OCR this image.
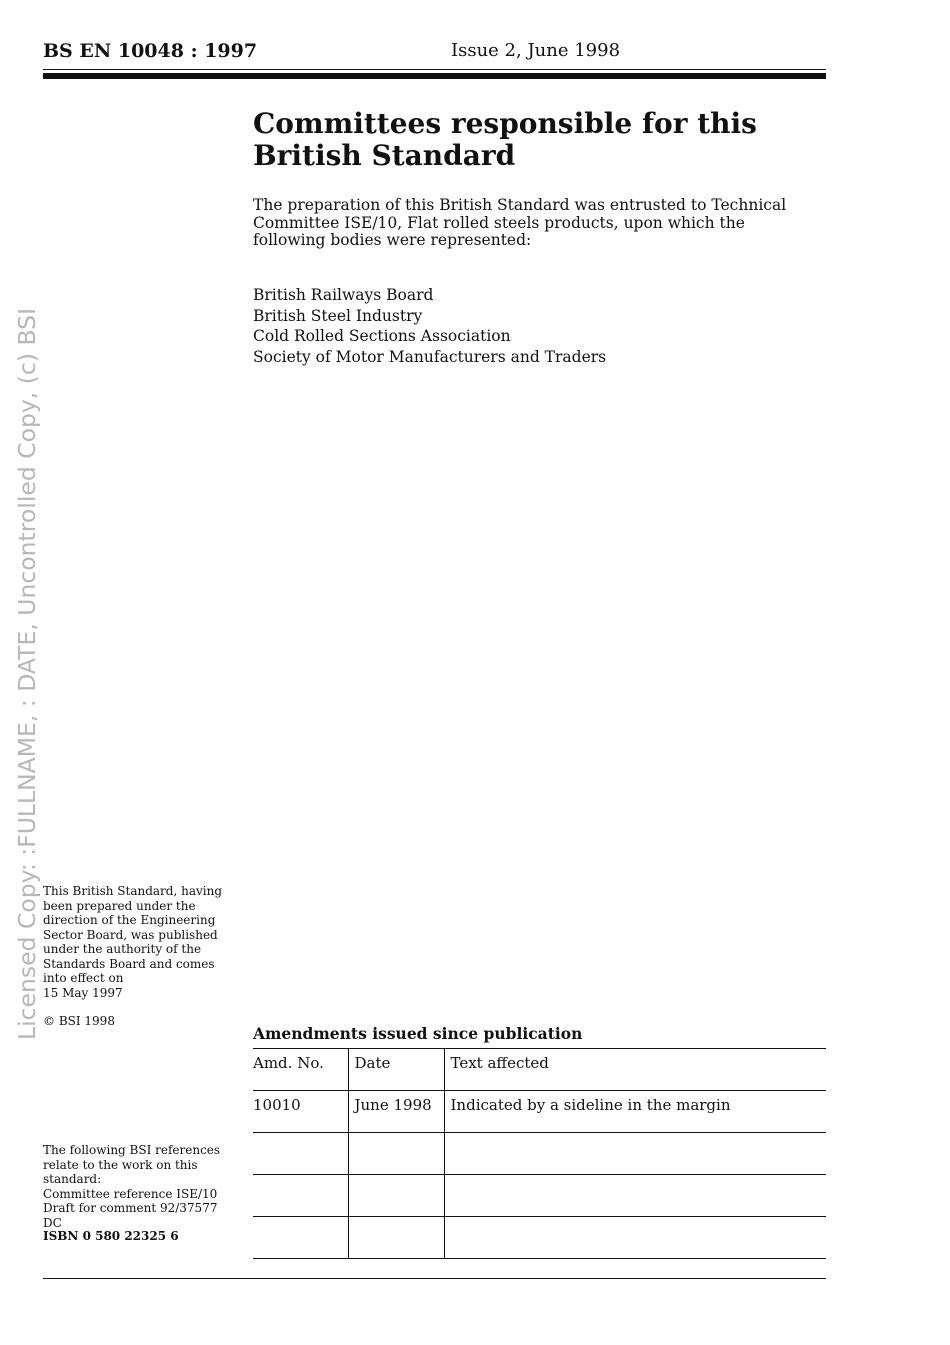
BS EN 10048 : 1997	Issue 2, June 1998
Committees responsible for this
British Standard

The preparation of this British Standard was entrusted to Technical Committee ISE/10, Flat rolled steels products, upon which the following bodies were represented:

British Railways Board
British Steel Industry
Cold Rolled Sections Association
Society of Motor Manufacturers and Traders
Licensed Copy: :FULLNAME, : DATE, Uncontrolled Copy, (c) BSI This British Standard, having been prepared under the direction of the Engineering Sector Board, was published under the authority of the Standards Board and comes into effect on
15 May 1997

© BSI 1998

The following BSI references relate to the work on this standard:
Committee reference ISE/10
Draft for comment 92/37577 DC

ISBN 0 580 22325 6

Amendments issued since publication
Amd. No.	Date	Text affected
10010	June 1998	Indicated by a sideline in the margin
